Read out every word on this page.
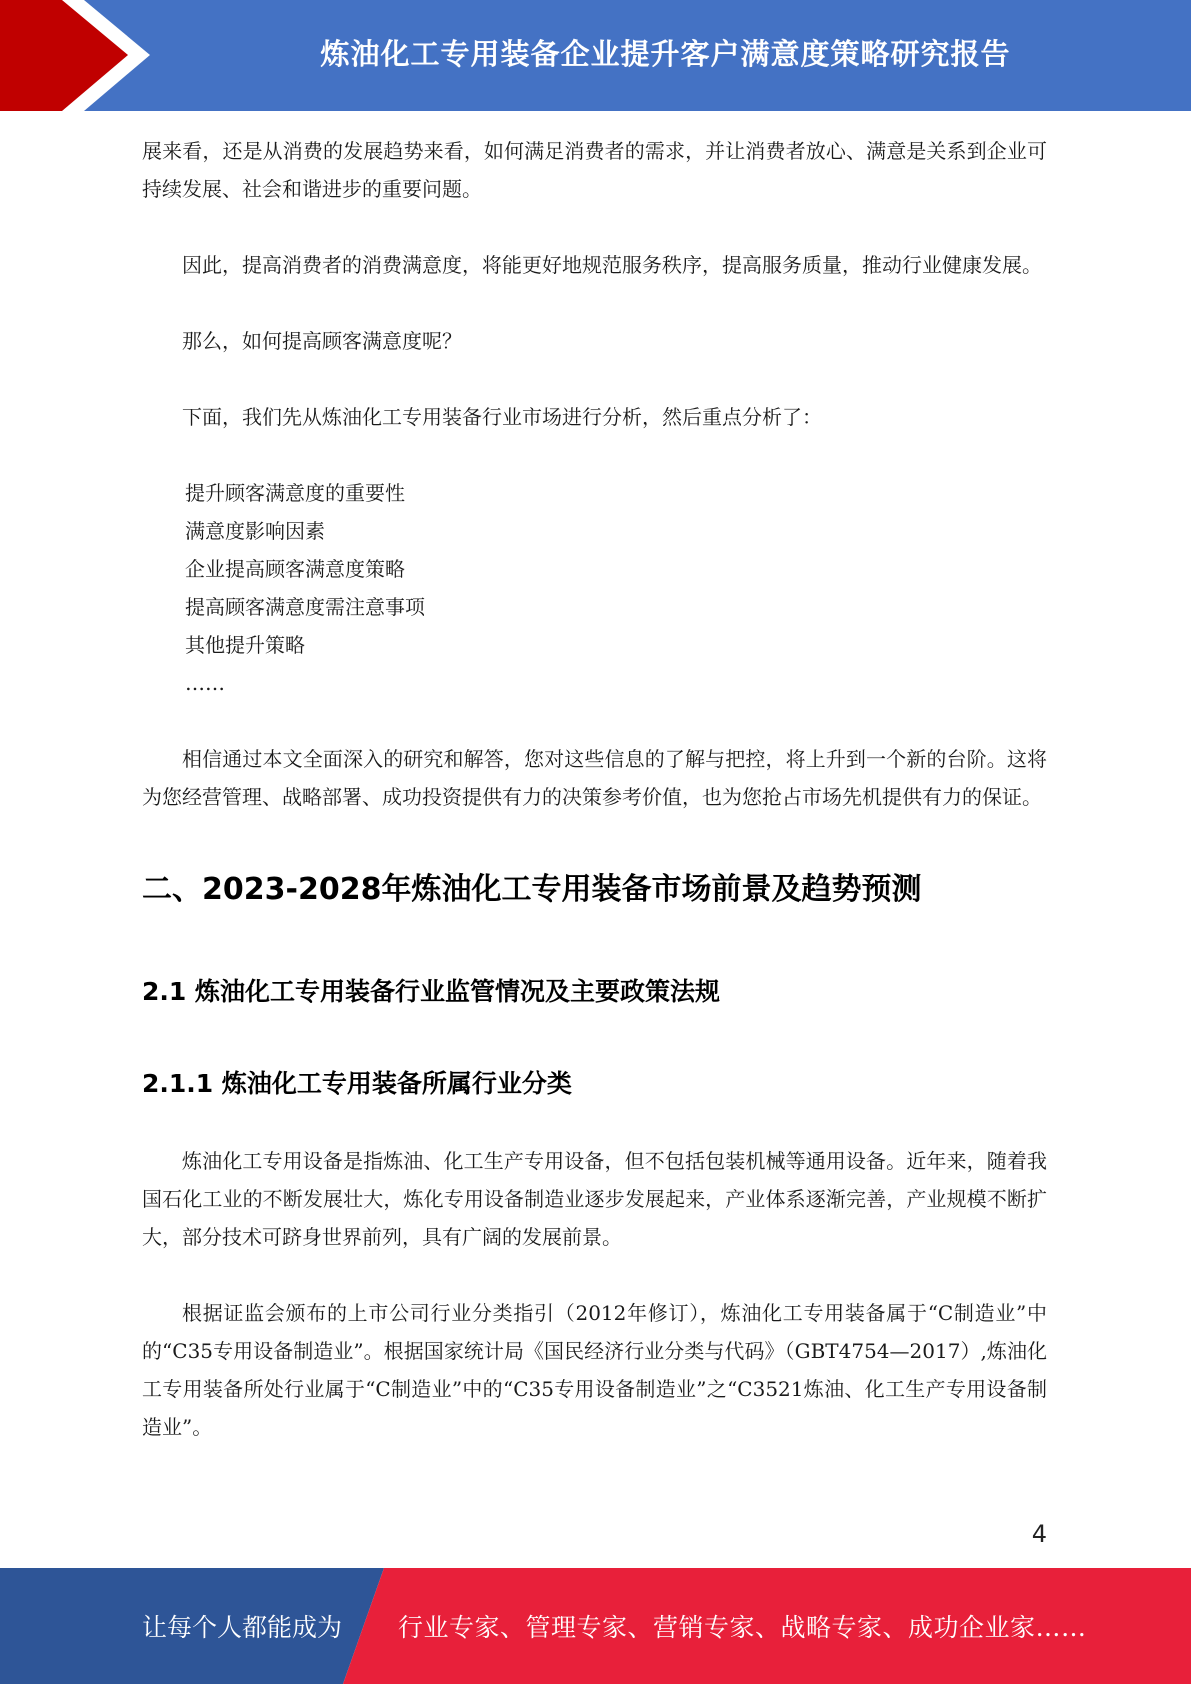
炼油化工专用装备企业提升客户满意度策略研究报告

展来看，还是从消费的发展趋势来看，如何满足消费者的需求，并让消费者放心、满意是关系到企业可持续发展、社会和谐进步的重要问题。

因此，提高消费者的消费满意度，将能更好地规范服务秩序，提高服务质量，推动行业健康发展。

那么，如何提高顾客满意度呢？

下面，我们先从炼油化工专用装备行业市场进行分析，然后重点分析了：

提升顾客满意度的重要性
满意度影响因素
企业提高顾客满意度策略
提高顾客满意度需注意事项
其他提升策略
……

相信通过本文全面深入的研究和解答，您对这些信息的了解与把控，将上升到一个新的台阶。这将为您经营管理、战略部署、成功投资提供有力的决策参考价值，也为您抢占市场先机提供有力的保证。

二、2023-2028年炼油化工专用装备市场前景及趋势预测
2.1 炼油化工专用装备行业监管情况及主要政策法规
2.1.1 炼油化工专用装备所属行业分类

炼油化工专用设备是指炼油、化工生产专用设备，但不包括包装机械等通用设备。近年来，随着我国石化工业的不断发展壮大，炼化专用设备制造业逐步发展起来，产业体系逐渐完善，产业规模不断扩大，部分技术可跻身世界前列，具有广阔的发展前景。

根据证监会颁布的上市公司行业分类指引（2012年修订），炼油化工专用装备属于“C制造业”中的“C35专用设备制造业”。根据国家统计局《国民经济行业分类与代码》（GBT4754—2017）,炼油化工专用装备所处行业属于“C制造业”中的“C35专用设备制造业”之“C3521炼油、化工生产专用设备制造业”。

4
让每个人都能成为 行业专家、管理专家、营销专家、战略专家、成功企业家……
